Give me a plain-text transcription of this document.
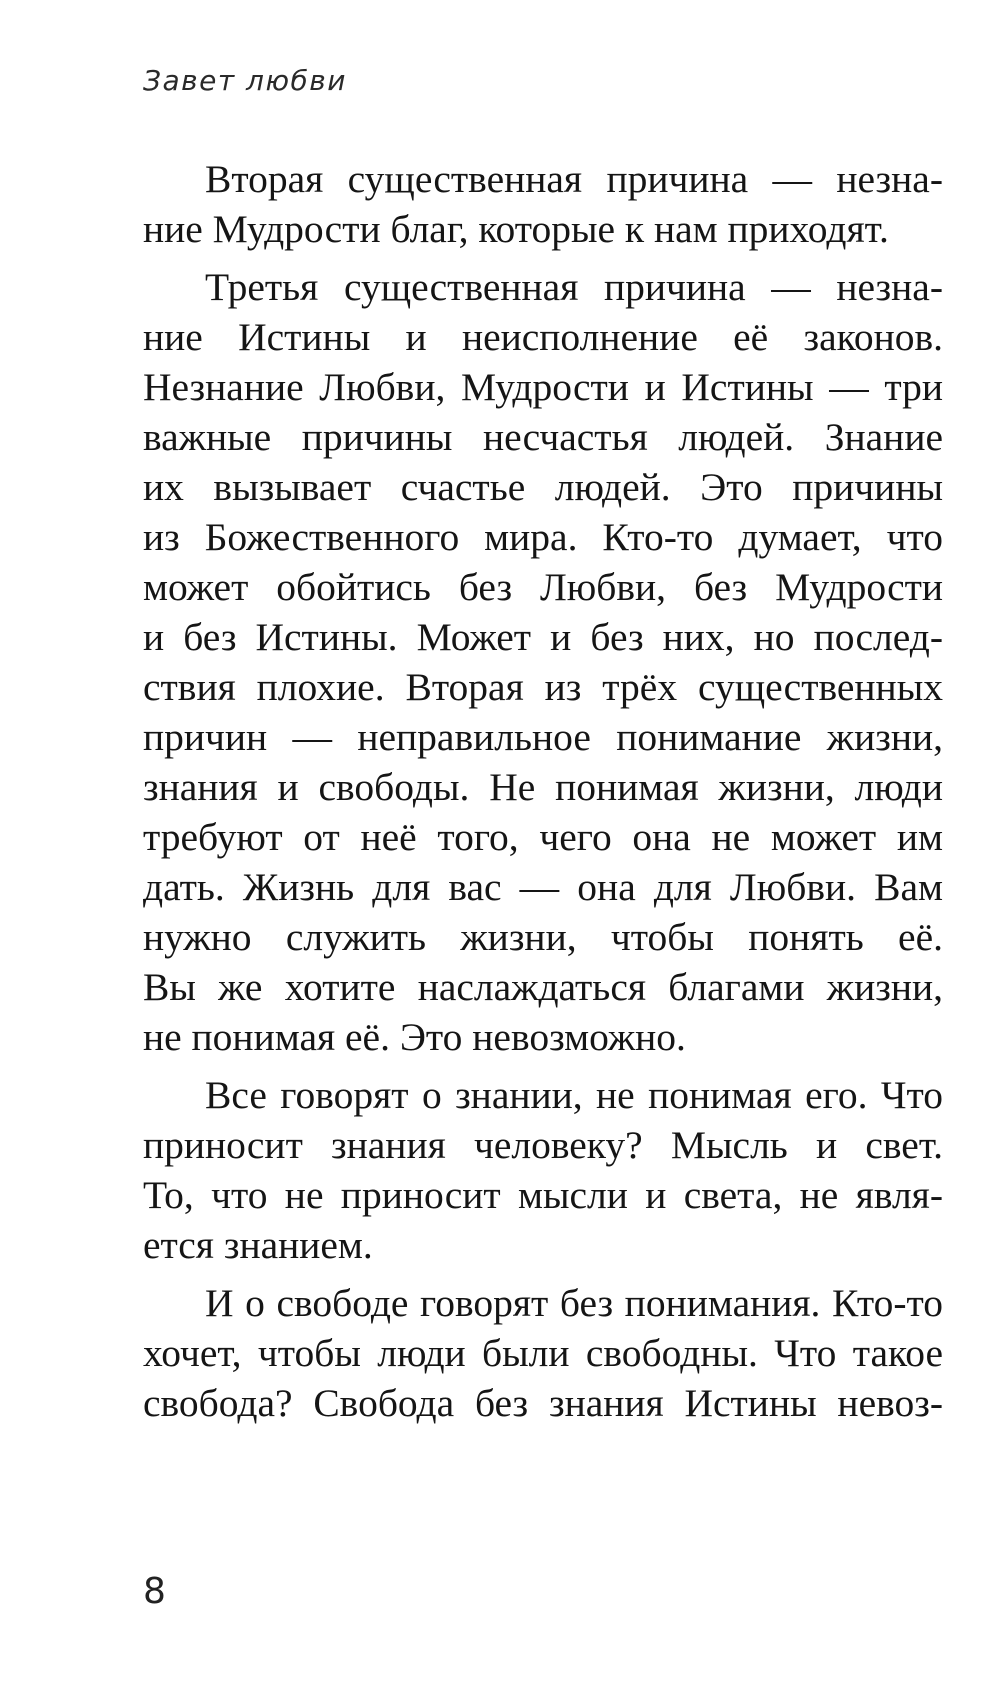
Завет любви
Вторая существенная причина — незна-
ние Мудрости благ, которые к нам приходят.
Третья существенная причина — незна-
ние Истины и неисполнение её законов.
Незнание Любви, Мудрости и Истины — три
важные причины несчастья людей. Знание
их вызывает счастье людей. Это причины
из Божественного мира. Кто-то думает, что
может обойтись без Любви, без Мудрости
и без Истины. Может и без них, но послед-
ствия плохие. Вторая из трёх существенных
причин — неправильное понимание жизни,
знания и свободы. Не понимая жизни, люди
требуют от неё того, чего она не может им
дать. Жизнь для вас — она для Любви. Вам
нужно служить жизни, чтобы понять её.
Вы же хотите наслаждаться благами жизни,
не понимая её. Это невозможно.
Все говорят о знании, не понимая его. Что
приносит знания человеку? Мысль и свет.
То, что не приносит мысли и света, не явля-
ется знанием.
И о свободе говорят без понимания. Кто-то
хочет, чтобы люди были свободны. Что такое
свобода? Свобода без знания Истины невоз-
8
